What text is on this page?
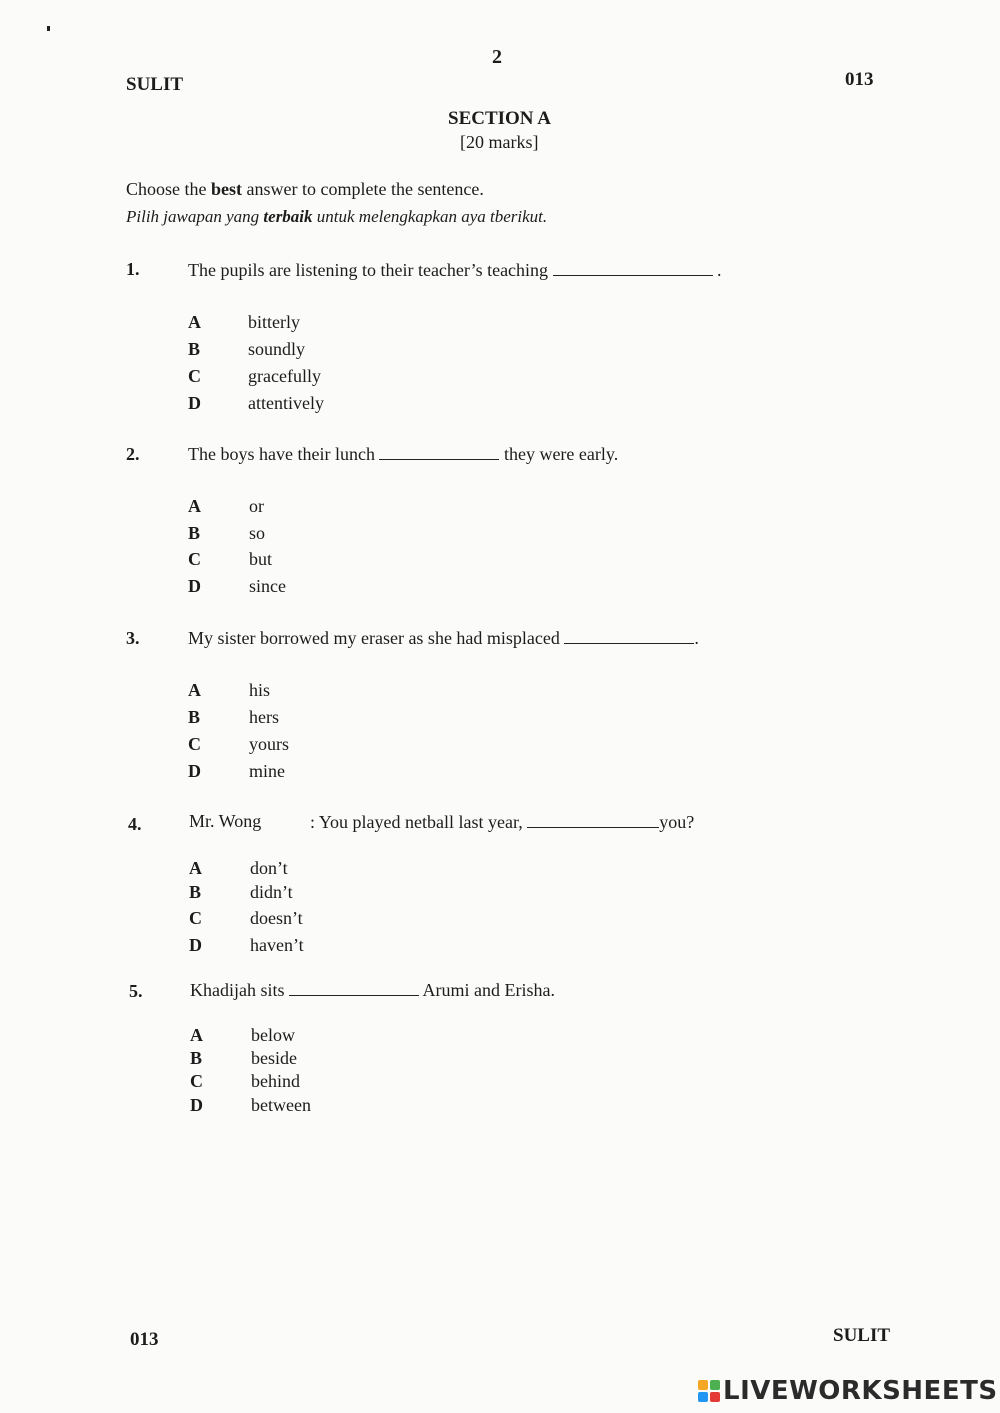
2
SULIT	013
SECTION A
[20 marks]
Choose the best answer to complete the sentence.
Pilih jawapan yang terbaik untuk melengkapkan aya tberikut.
1.	The pupils are listening to their teacher’s teaching	.
A	bitterly
B	soundly
C	gracefully
D	attentively
2.	The boys have their lunch	they were early.
A	or
B	so
C	but
D	since
3.	My sister borrowed my eraser as she had misplaced	.
A	his
B	hers
C	yours
D	mine
4.	Mr. Wong	: You played netball last year,	you?
A	don’t
B	didn’t
C	doesn’t
D	haven’t
5.	Khadijah sits	Arumi and Erisha.
A	below
B	beside
C	behind
D	between
013	SULIT
LIVEWORKSHEETS
